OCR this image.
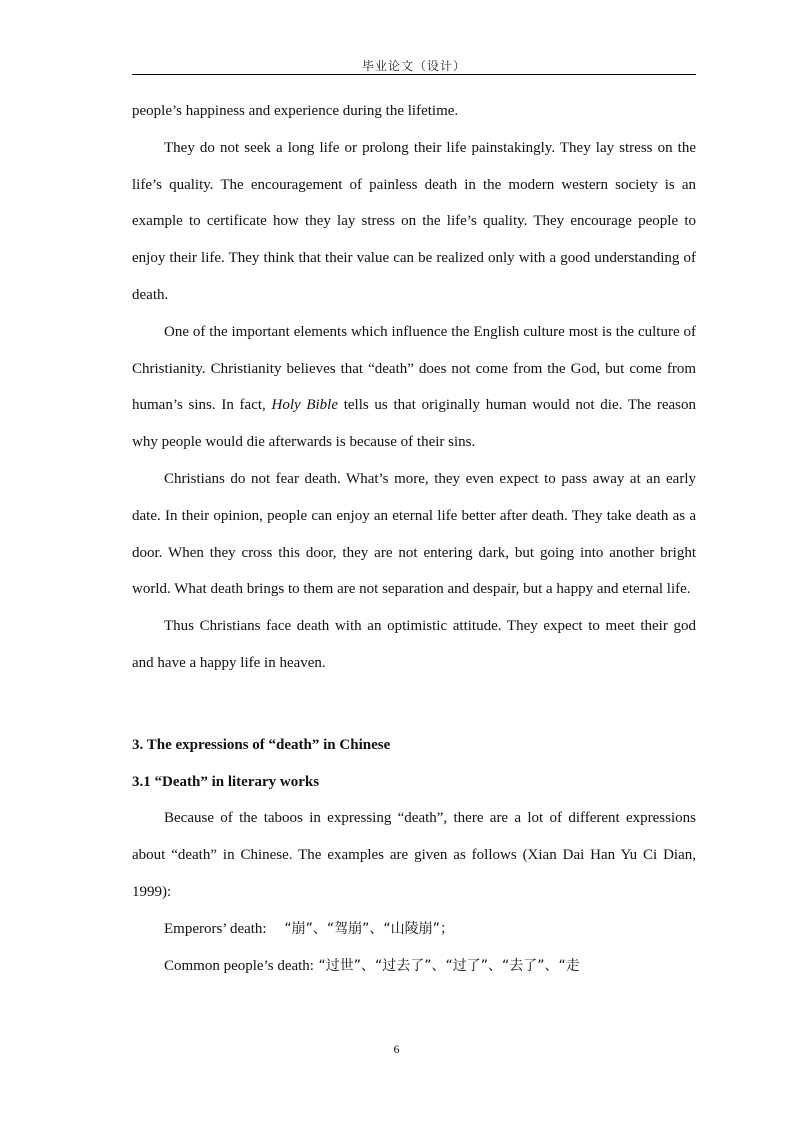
毕业论文（设计）

people’s happiness and experience during the lifetime.

They do not seek a long life or prolong their life painstakingly. They lay stress on the life’s quality. The encouragement of painless death in the modern western society is an example to certificate how they lay stress on the life’s quality. They encourage people to enjoy their life. They think that their value can be realized only with a good understanding of death.

One of the important elements which influence the English culture most is the culture of Christianity. Christianity believes that “death” does not come from the God, but come from human’s sins. In fact, Holy Bible tells us that originally human would not die. The reason why people would die afterwards is because of their sins.

Christians do not fear death. What’s more, they even expect to pass away at an early date. In their opinion, people can enjoy an eternal life better after death. They take death as a door. When they cross this door, they are not entering dark, but going into another bright world. What death brings to them are not separation and despair, but a happy and eternal life.

Thus Christians face death with an optimistic attitude. They expect to meet their god and have a happy life in heaven.

3. The expressions of “death” in Chinese

3.1 “Death” in literary works

Because of the taboos in expressing “death”, there are a lot of different expressions about “death” in Chinese. The examples are given as follows (Xian Dai Han Yu Ci Dian, 1999):

Emperors’ death: “崩”、“驾崩”、“山陵崩”；

Common people’s death: “过世”、“过去了”、“过了”、“去了”、“走

6
